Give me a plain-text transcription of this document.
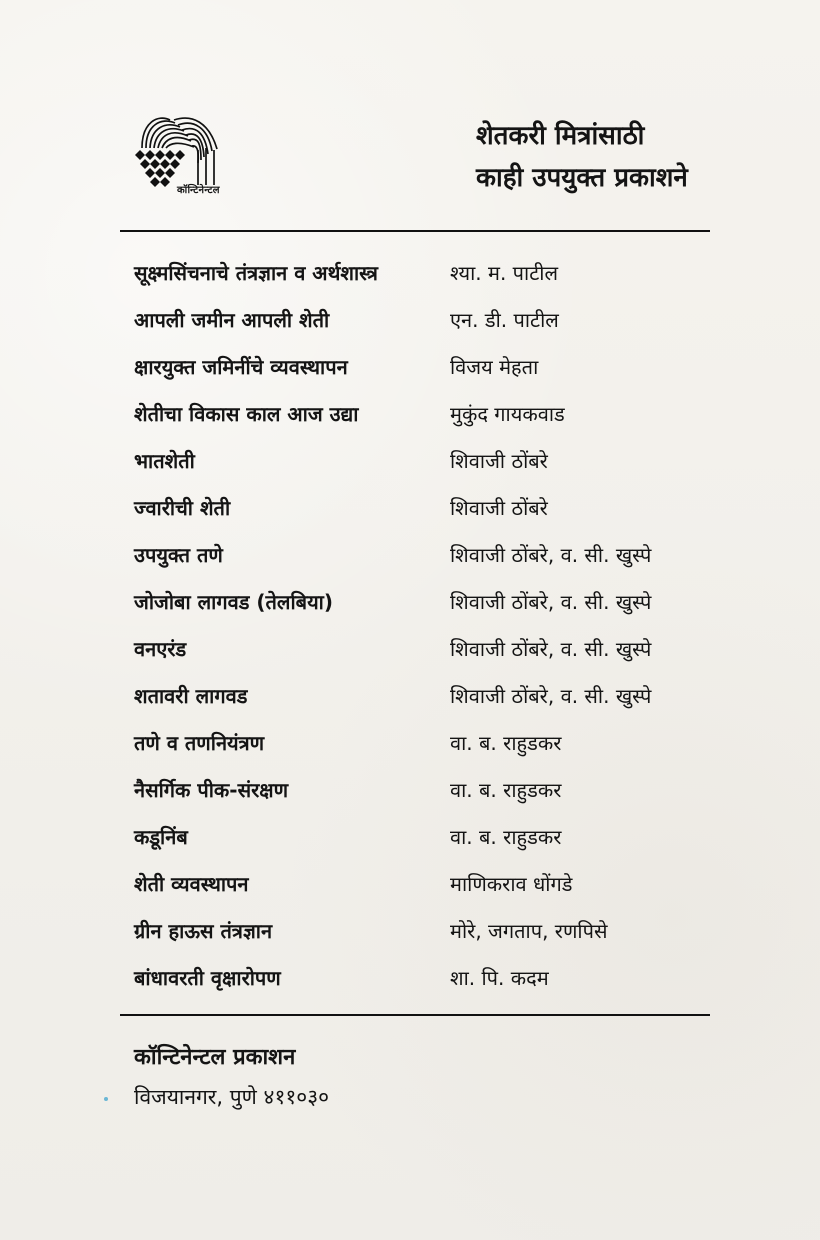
कॉन्टिनेन्टल
शेतकरी मित्रांसाठी
काही उपयुक्त प्रकाशने
सूक्ष्मसिंचनाचे तंत्रज्ञान व अर्थशास्त्र	श्या. म. पाटील
आपली जमीन आपली शेती	एन. डी. पाटील
क्षारयुक्त जमिनींचे व्यवस्थापन	विजय मेहता
शेतीचा विकास काल आज उद्या	मुकुंद गायकवाड
भातशेती	शिवाजी ठोंबरे
ज्वारीची शेती	शिवाजी ठोंबरे
उपयुक्त तणे	शिवाजी ठोंबरे, व. सी. खुस्पे
जोजोबा लागवड (तेलबिया)	शिवाजी ठोंबरे, व. सी. खुस्पे
वनएरंड	शिवाजी ठोंबरे, व. सी. खुस्पे
शतावरी लागवड	शिवाजी ठोंबरे, व. सी. खुस्पे
तणे व तणनियंत्रण	वा. ब. राहुडकर
नैसर्गिक पीक-संरक्षण	वा. ब. राहुडकर
कडूनिंब	वा. ब. राहुडकर
शेती व्यवस्थापन	माणिकराव धोंगडे
ग्रीन हाऊस तंत्रज्ञान	मोरे, जगताप, रणपिसे
बांधावरती वृक्षारोपण	शा. पि. कदम
कॉन्टिनेन्टल प्रकाशन
विजयानगर, पुणे ४११०३०
